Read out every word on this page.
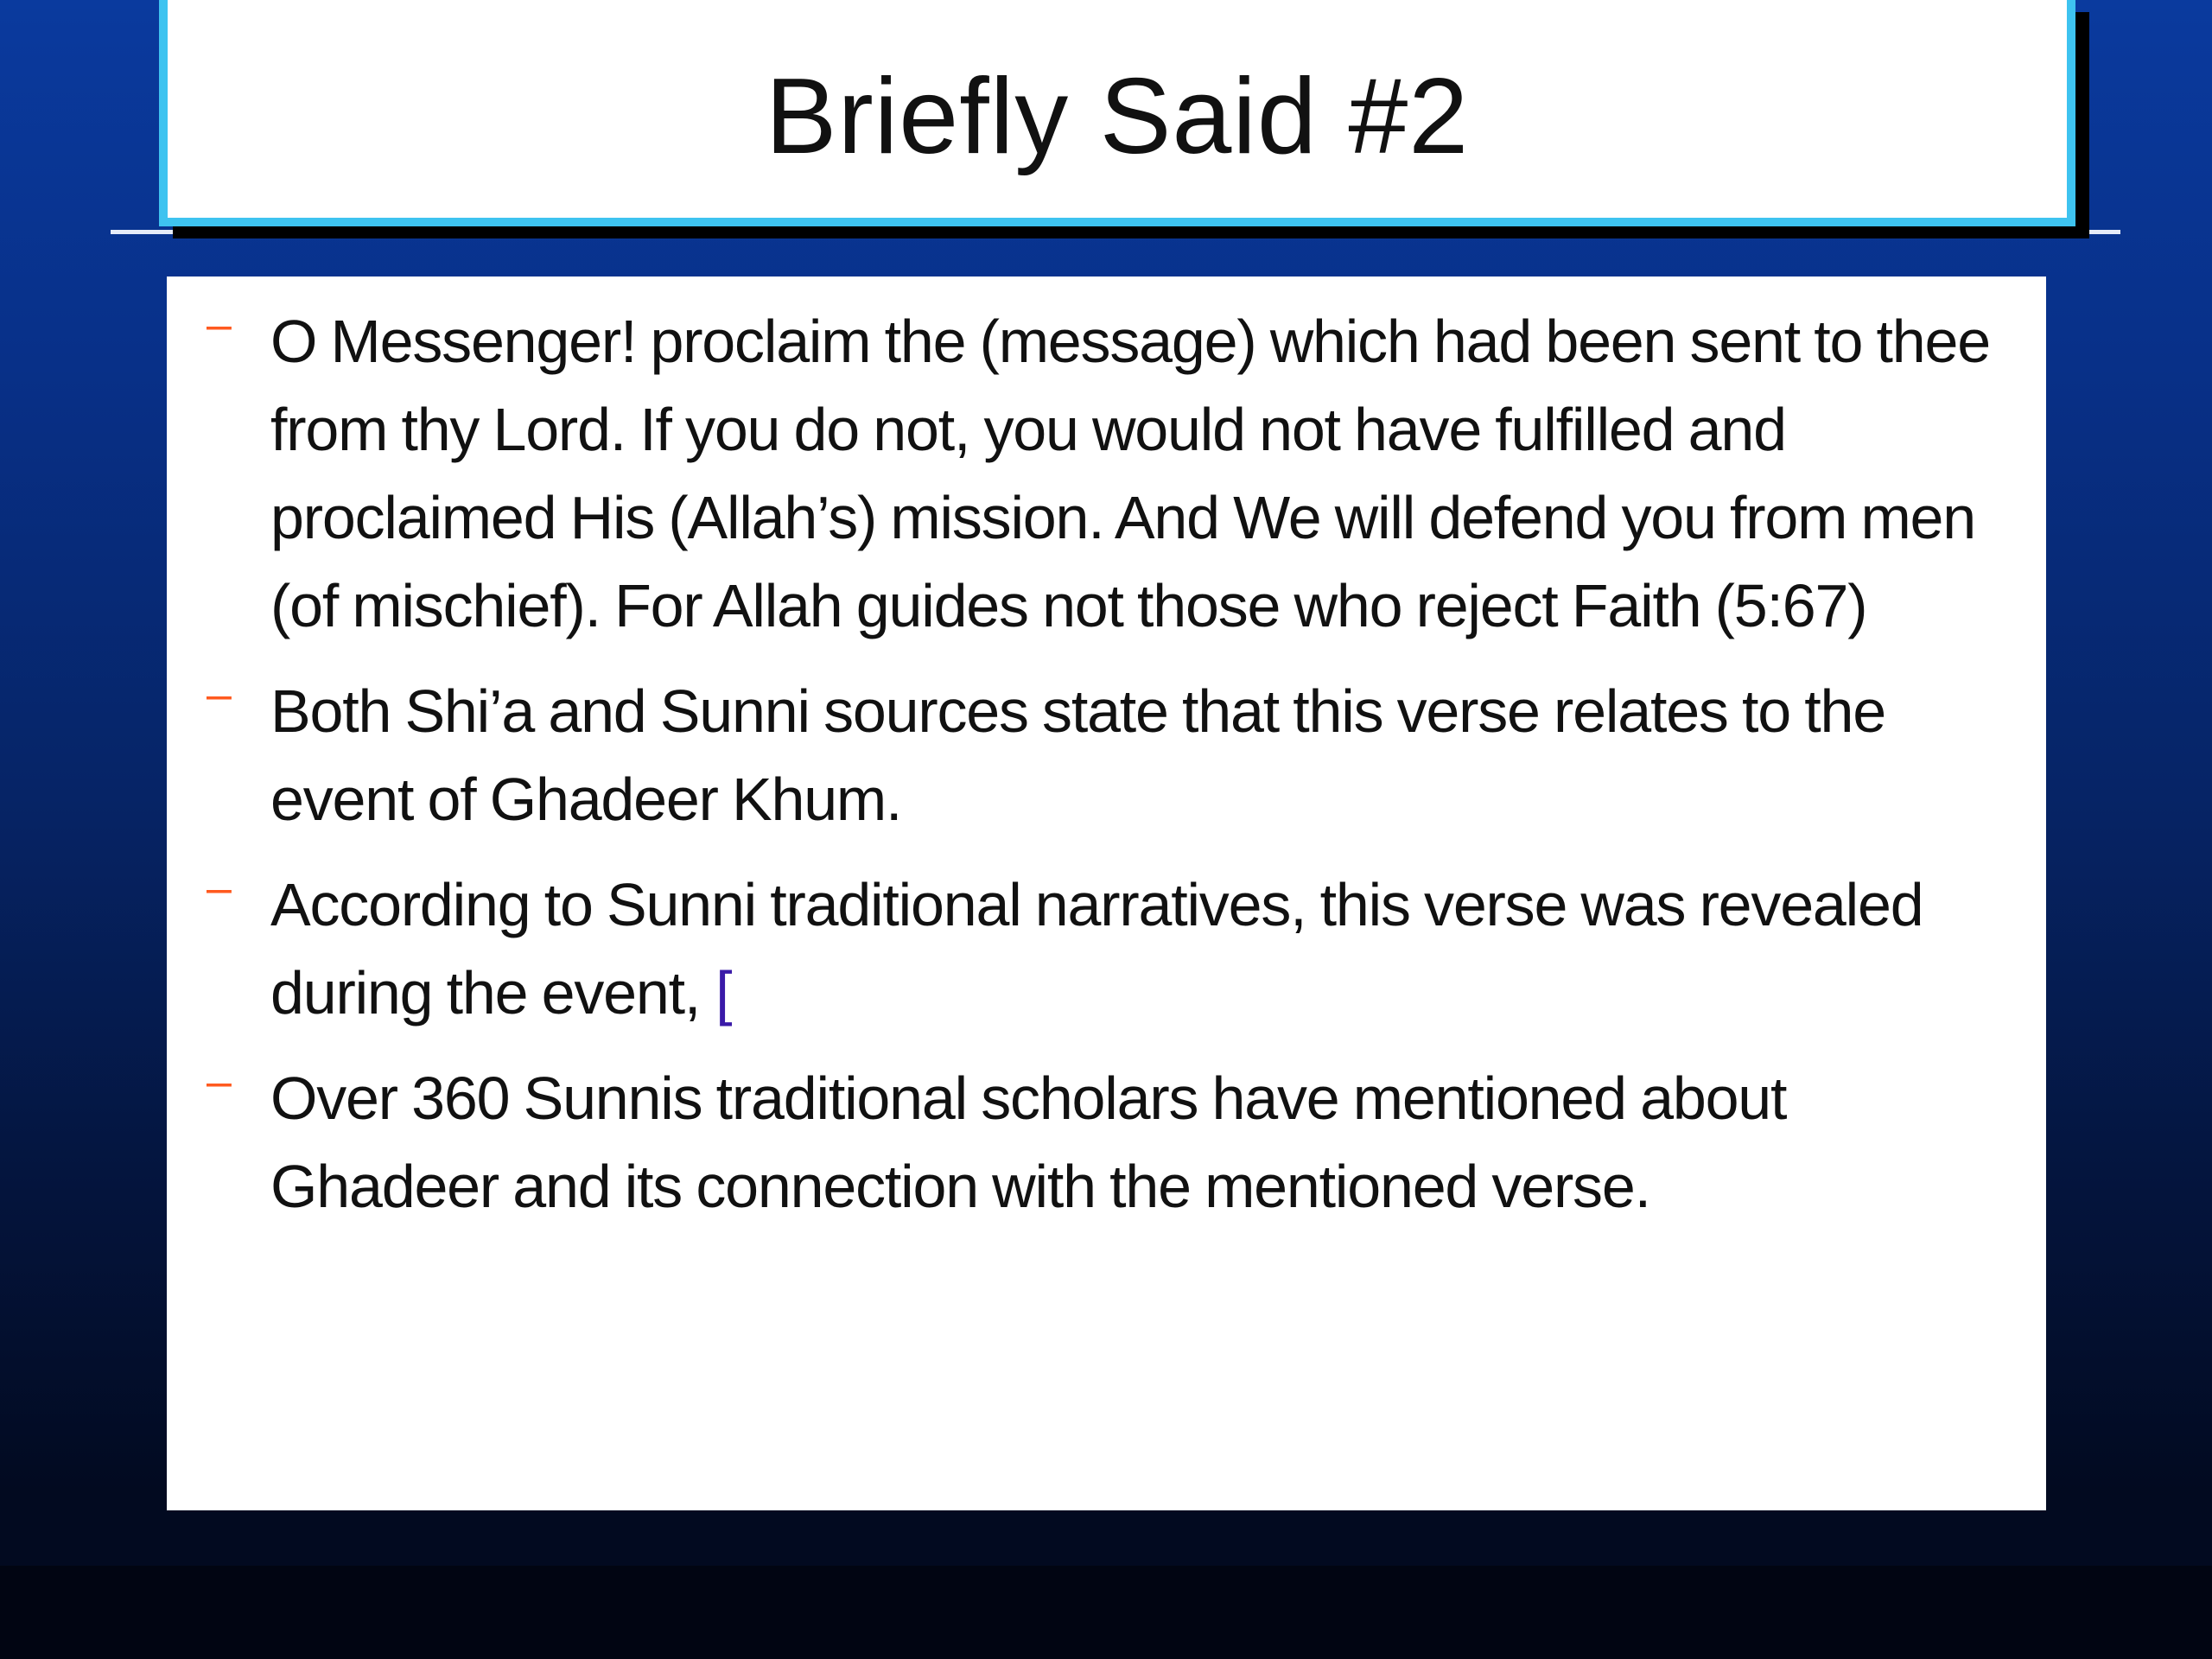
Briefly Said #2
– O Messenger! proclaim the (message) which had been sent to thee from thy Lord. If you do not, you would not have fulfilled and proclaimed His (Allah’s) mission. And We will defend you from men (of mischief). For Allah guides not those who reject Faith (5:67)
– Both Shi’a and Sunni sources state that this verse relates to the event of Ghadeer Khum.
– According to Sunni traditional narratives, this verse was revealed during the event, [
– Over 360 Sunnis traditional scholars have mentioned about Ghadeer and its connection with the mentioned verse.
